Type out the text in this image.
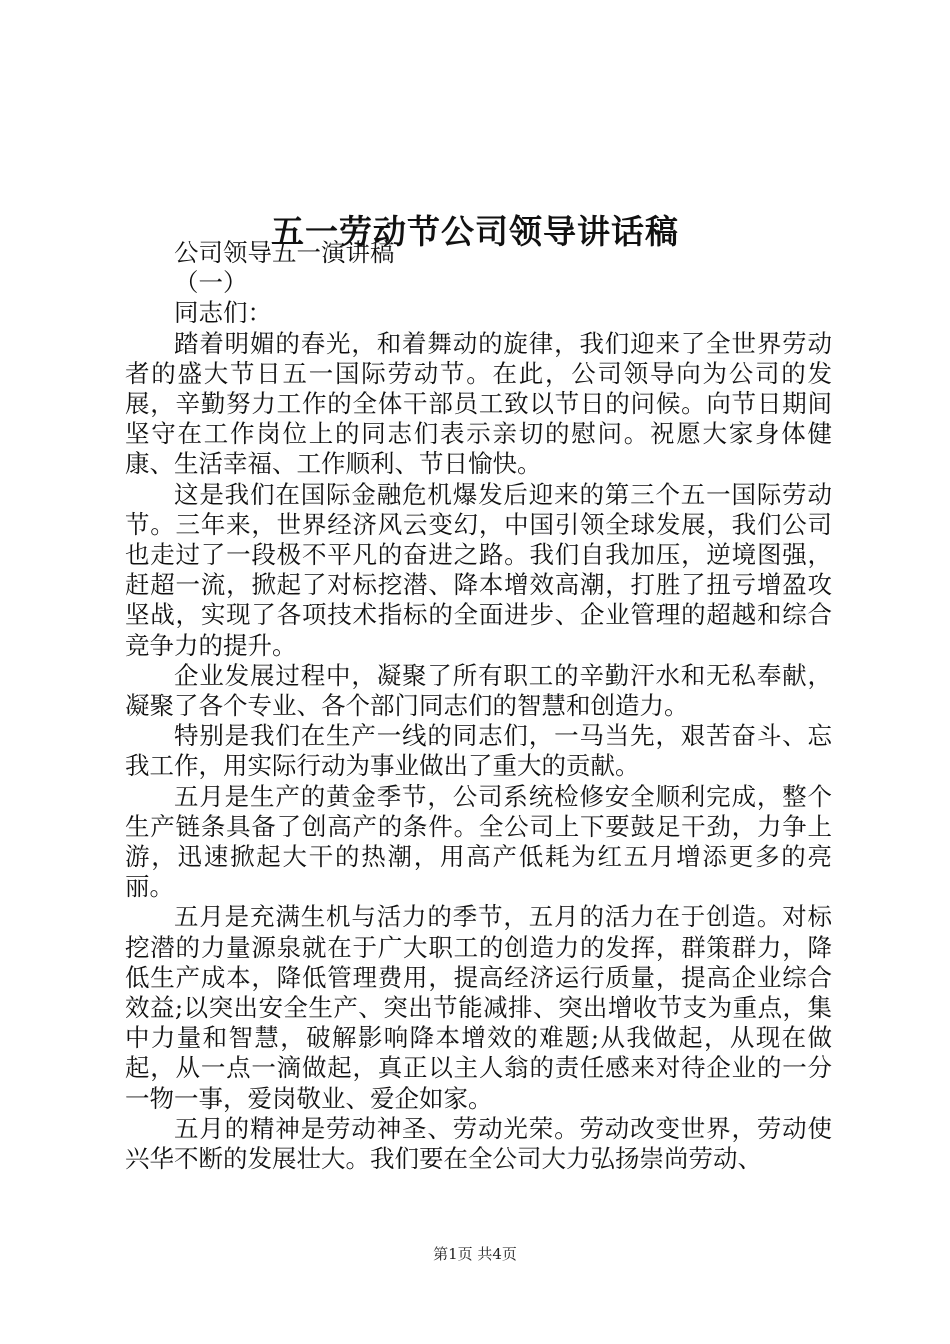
五一劳动节公司领导讲话稿

公司领导五一演讲稿

（一）

同志们：

踏着明媚的春光，和着舞动的旋律，我们迎来了全世界劳动者的盛大节日五一国际劳动节。在此，公司领导向为公司的发展，辛勤努力工作的全体干部员工致以节日的问候。向节日期间坚守在工作岗位上的同志们表示亲切的慰问。祝愿大家身体健康、生活幸福、工作顺利、节日愉快。

这是我们在国际金融危机爆发后迎来的第三个五一国际劳动节。三年来，世界经济风云变幻，中国引领全球发展，我们公司也走过了一段极不平凡的奋进之路。我们自我加压，逆境图强，赶超一流，掀起了对标挖潜、降本增效高潮，打胜了扭亏增盈攻坚战，实现了各项技术指标的全面进步、企业管理的超越和综合竞争力的提升。

企业发展过程中，凝聚了所有职工的辛勤汗水和无私奉献，凝聚了各个专业、各个部门同志们的智慧和创造力。

特别是我们在生产一线的同志们，一马当先，艰苦奋斗、忘我工作，用实际行动为事业做出了重大的贡献。

五月是生产的黄金季节，公司系统检修安全顺利完成，整个生产链条具备了创高产的条件。全公司上下要鼓足干劲，力争上游，迅速掀起大干的热潮，用高产低耗为红五月增添更多的亮丽。

五月是充满生机与活力的季节，五月的活力在于创造。对标挖潜的力量源泉就在于广大职工的创造力的发挥，群策群力，降低生产成本，降低管理费用，提高经济运行质量，提高企业综合效益;以突出安全生产、突出节能减排、突出增收节支为重点，集中力量和智慧，破解影响降本增效的难题;从我做起，从现在做起，从一点一滴做起，真正以主人翁的责任感来对待企业的一分一物一事，爱岗敬业、爱企如家。

五月的精神是劳动神圣、劳动光荣。劳动改变世界，劳动使兴华不断的发展壮大。我们要在全公司大力弘扬崇尚劳动、

第1页 共4页
